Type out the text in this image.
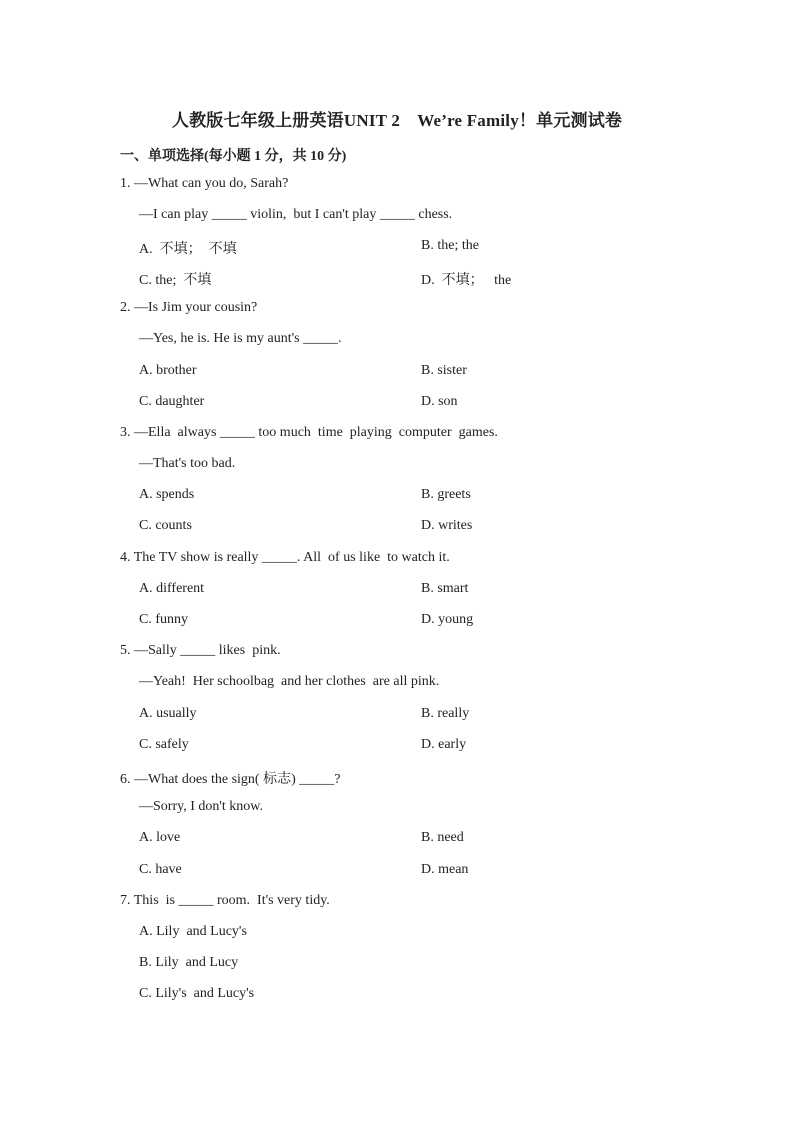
人教版七年级上册英语UNIT 2　We’re Family！单元测试卷
一、单项选择(每小题 1 分，共 10 分)
1. —What can you do, Sarah?
—I can play _____ violin,  but I can't play _____ chess.
A.  不填；  不填	B. the; the
C. the;  不填	D.  不填；   the
2. —Is Jim your cousin?
—Yes, he is. He is my aunt's _____.
A. brother	B. sister
C. daughter	D. son
3. —Ella  always _____ too much  time  playing  computer  games.
—That's too bad.
A. spends	B. greets
C. counts	D. writes
4. The TV show is really _____. All  of us like  to watch it.
A. different	B. smart
C. funny	D. young
5. —Sally _____ likes  pink.
—Yeah!  Her schoolbag  and her clothes  are all pink.
A. usually	B. really
C. safely	D. early
6. —What does the sign( 标志) _____?
—Sorry, I don't know.
A. love	B. need
C. have	D. mean
7. This  is _____ room.  It's very tidy.
A. Lily  and Lucy's
B. Lily  and Lucy
C. Lily's  and Lucy's
